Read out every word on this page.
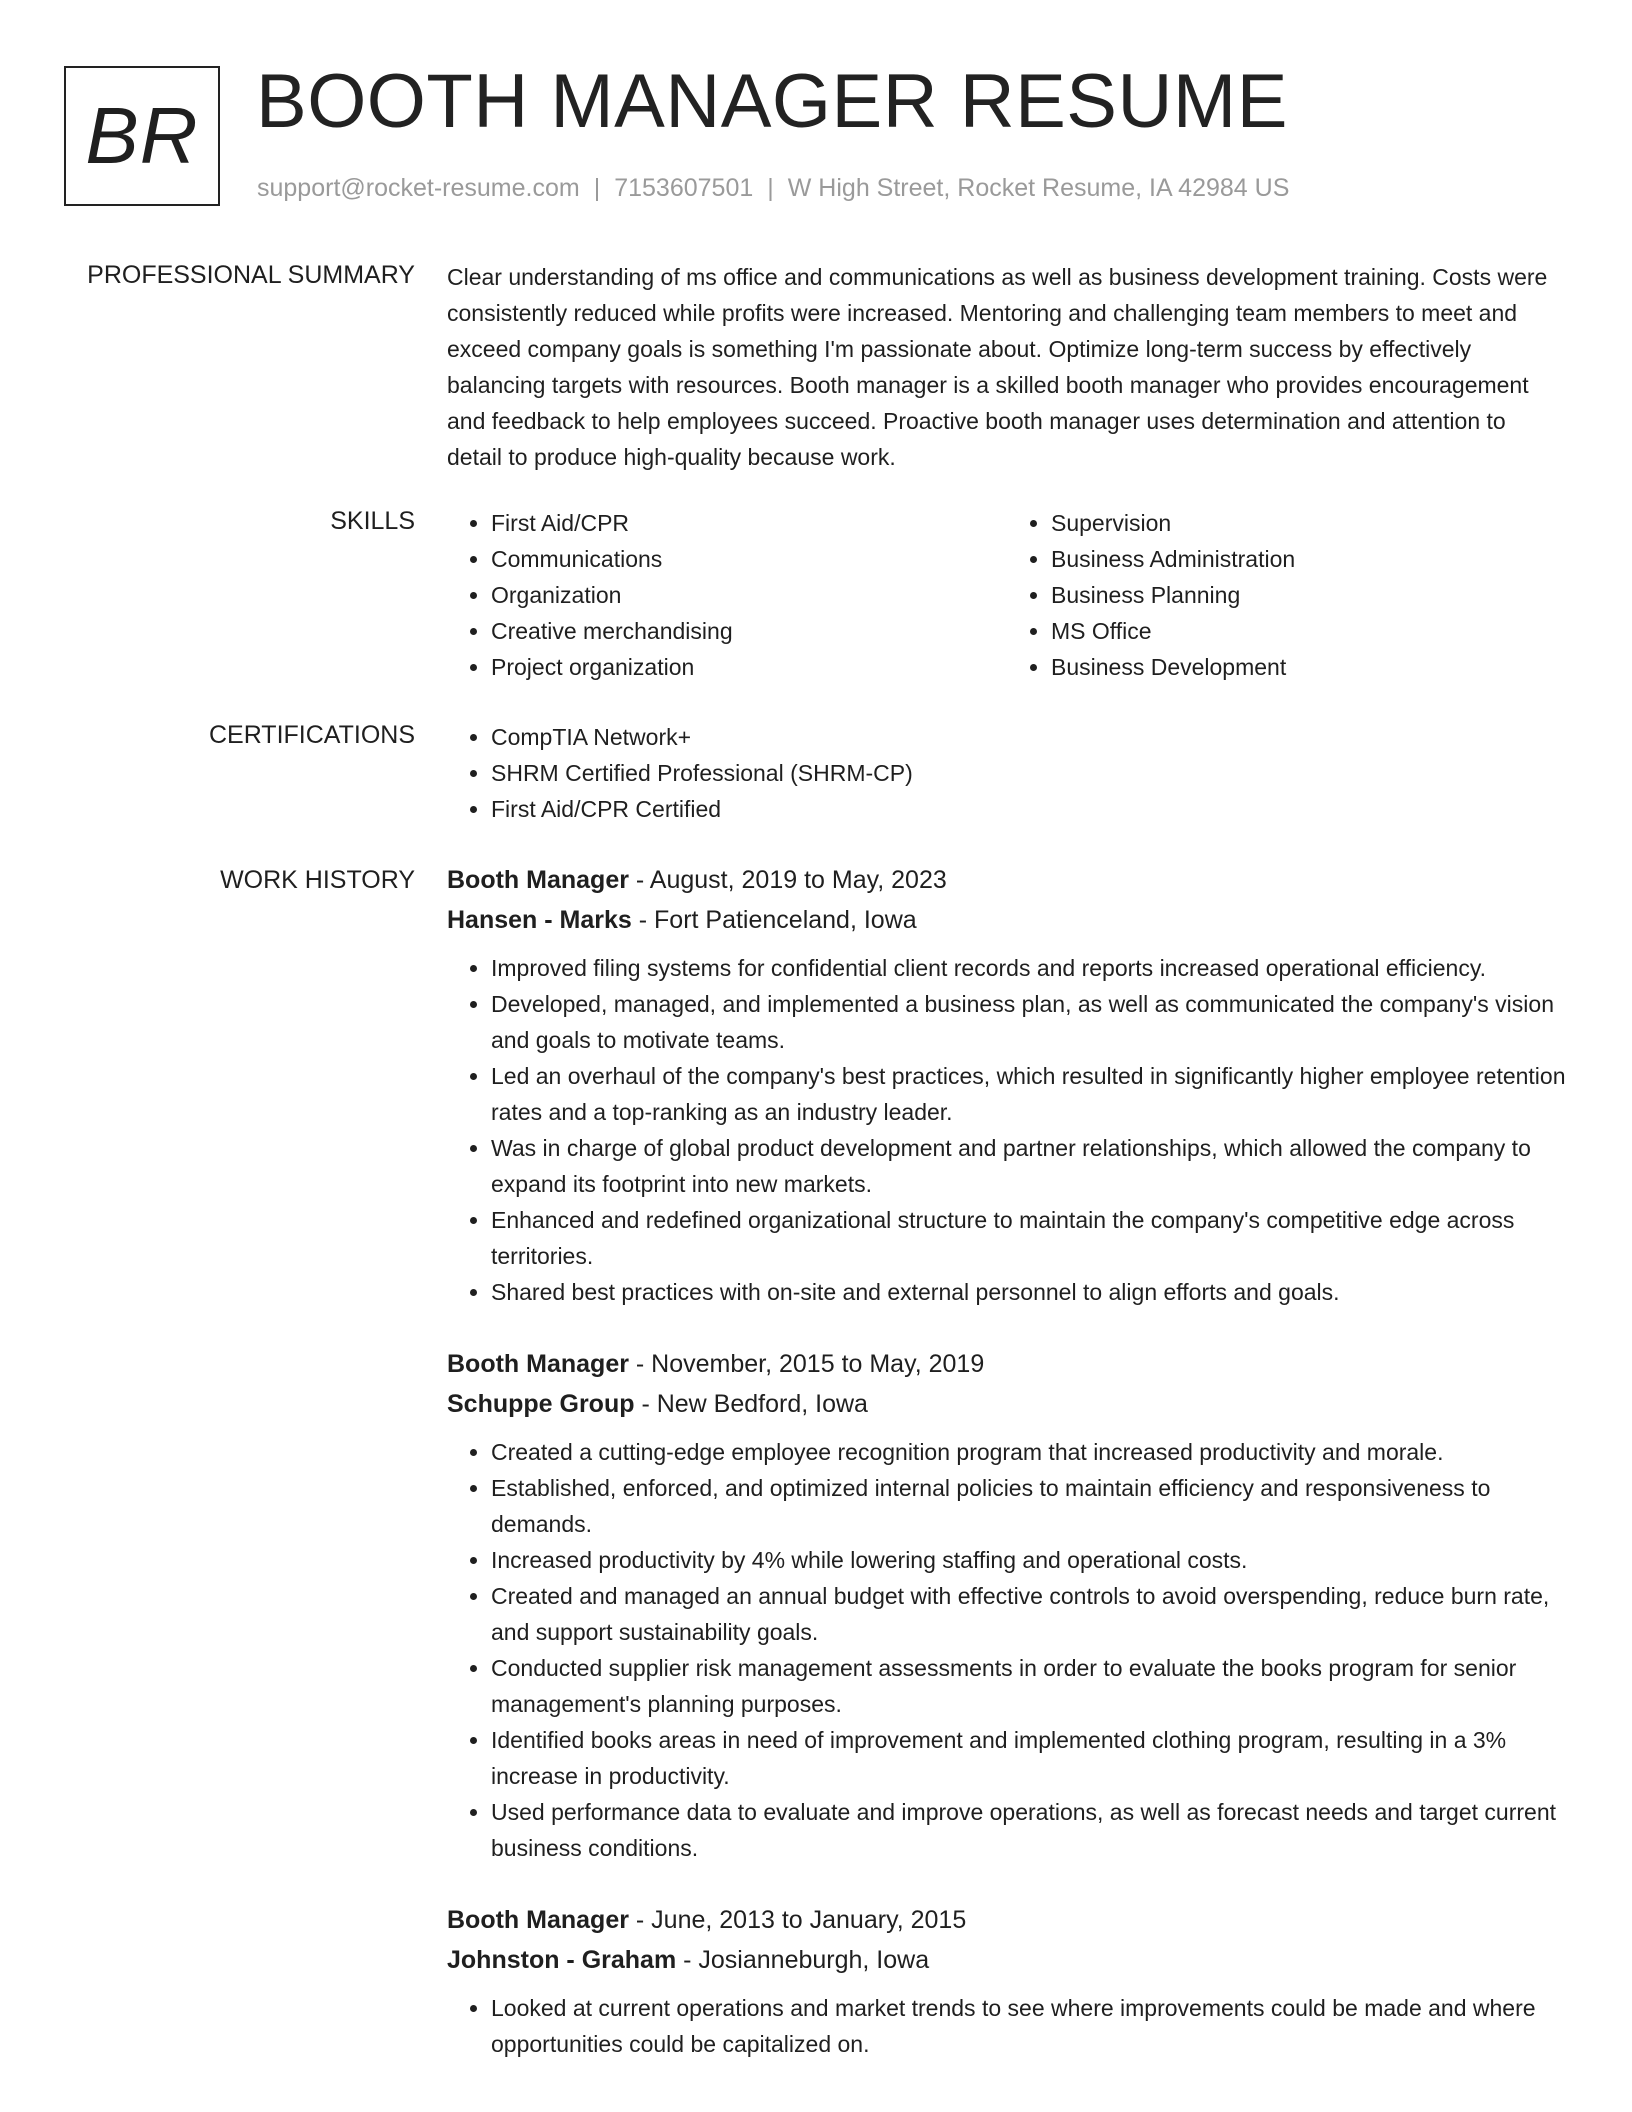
BR BOOTH MANAGER RESUME
support@rocket-resume.com | 7153607501 | W High Street, Rocket Resume, IA 42984 US
PROFESSIONAL SUMMARY Clear understanding of ms office and communications as well as business development training. Costs were consistently reduced while profits were increased. Mentoring and challenging team members to meet and exceed company goals is something I'm passionate about. Optimize long-term success by effectively balancing targets with resources. Booth manager is a skilled booth manager who provides encouragement and feedback to help employees succeed. Proactive booth manager uses determination and attention to detail to produce high-quality because work.
SKILLS	• First Aid/CPR
• Communications
• Organization
• Creative merchandising
• Project organization
• Supervision
• Business Administration
• Business Planning
• MS Office
• Business Development
CERTIFICATIONS	• CompTIA Network+
• SHRM Certified Professional (SHRM-CP)
• First Aid/CPR Certified
WORK HISTORY Booth Manager - August, 2019 to May, 2023
Hansen - Marks - Fort Patienceland, Iowa
• Improved filing systems for confidential client records and reports increased operational efficiency.
• Developed, managed, and implemented a business plan, as well as communicated the company's vision and goals to motivate teams.
• Led an overhaul of the company's best practices, which resulted in significantly higher employee retention rates and a top-ranking as an industry leader.
• Was in charge of global product development and partner relationships, which allowed the company to expand its footprint into new markets.
• Enhanced and redefined organizational structure to maintain the company's competitive edge across territories.
• Shared best practices with on-site and external personnel to align efforts and goals.
Booth Manager - November, 2015 to May, 2019
Schuppe Group - New Bedford, Iowa
• Created a cutting-edge employee recognition program that increased productivity and morale.
• Established, enforced, and optimized internal policies to maintain efficiency and responsiveness to demands.
• Increased productivity by 4% while lowering staffing and operational costs.
• Created and managed an annual budget with effective controls to avoid overspending, reduce burn rate, and support sustainability goals.
• Conducted supplier risk management assessments in order to evaluate the books program for senior management's planning purposes.
• Identified books areas in need of improvement and implemented clothing program, resulting in a 3% increase in productivity.
• Used performance data to evaluate and improve operations, as well as forecast needs and target current business conditions.
Booth Manager - June, 2013 to January, 2015
Johnston - Graham - Josianneburgh, Iowa
• Looked at current operations and market trends to see where improvements could be made and where opportunities could be capitalized on.
